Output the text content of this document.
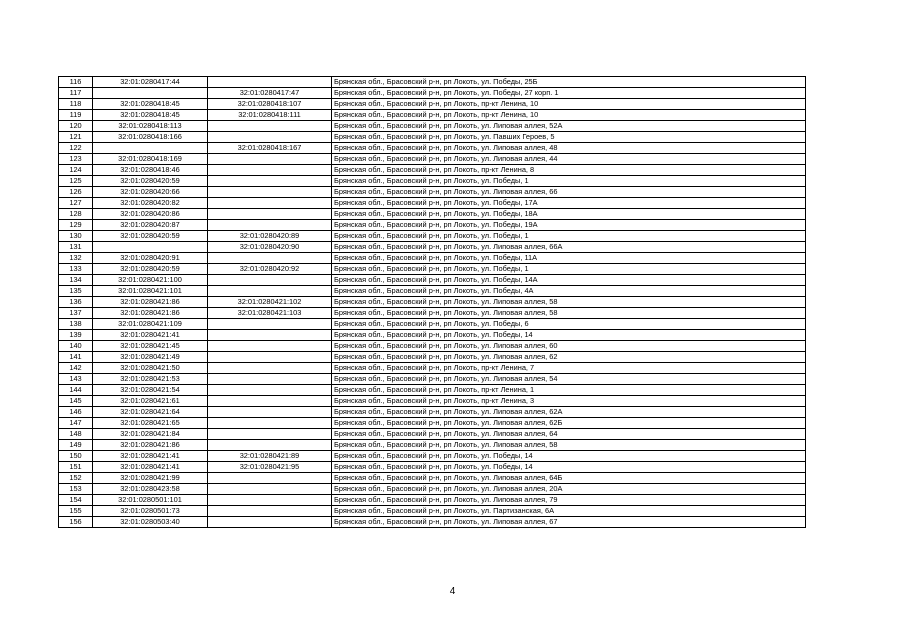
116	32:01:0280417:44		Брянская обл., Брасовский р-н, рп Локоть, ул. Победы, 25Б
117		32:01:0280417:47	Брянская обл., Брасовский р-н, рп Локоть, ул. Победы, 27 корп. 1
118	32:01:0280418:45	32:01:0280418:107	Брянская обл., Брасовский р-н, рп Локоть, пр-кт Ленина, 10
119	32:01:0280418:45	32:01:0280418:111	Брянская обл., Брасовский р-н, рп Локоть, пр-кт Ленина, 10
120	32:01:0280418:113		Брянская обл., Брасовский р-н, рп Локоть, ул. Липовая аллея, 52А
121	32:01:0280418:166		Брянская обл., Брасовский р-н, рп Локоть, ул. Павших Героев, 5
122		32:01:0280418:167	Брянская обл., Брасовский р-н, рп Локоть, ул. Липовая аллея, 48
123	32:01:0280418:169		Брянская обл., Брасовский р-н, рп Локоть, ул. Липовая аллея, 44
124	32:01:0280418:46		Брянская обл., Брасовский р-н, рп Локоть, пр-кт Ленина, 8
125	32:01:0280420:59		Брянская обл., Брасовский р-н, рп Локоть, ул. Победы, 1
126	32:01:0280420:66		Брянская обл., Брасовский р-н, рп Локоть, ул. Липовая аллея, 66
127	32:01:0280420:82		Брянская обл., Брасовский р-н, рп Локоть, ул. Победы, 17А
128	32:01:0280420:86		Брянская обл., Брасовский р-н, рп Локоть, ул. Победы, 18А
129	32:01:0280420:87		Брянская обл., Брасовский р-н, рп Локоть, ул. Победы, 19А
130	32:01:0280420:59	32:01:0280420:89	Брянская обл., Брасовский р-н, рп Локоть, ул. Победы, 1
131		32:01:0280420:90	Брянская обл., Брасовский р-н, рп Локоть, ул. Липовая аллея, 66А
132	32:01:0280420:91		Брянская обл., Брасовский р-н, рп Локоть, ул. Победы, 11А
133	32:01:0280420:59	32:01:0280420:92	Брянская обл., Брасовский р-н, рп Локоть, ул. Победы, 1
134	32:01:0280421:100		Брянская обл., Брасовский р-н, рп Локоть, ул. Победы, 14А
135	32:01:0280421:101		Брянская обл., Брасовский р-н, рп Локоть, ул. Победы, 4А
136	32:01:0280421:86	32:01:0280421:102	Брянская обл., Брасовский р-н, рп Локоть, ул. Липовая аллея, 58
137	32:01:0280421:86	32:01:0280421:103	Брянская обл., Брасовский р-н, рп Локоть, ул. Липовая аллея, 58
138	32:01:0280421:109		Брянская обл., Брасовский р-н, рп Локоть, ул. Победы, 6
139	32:01:0280421:41		Брянская обл., Брасовский р-н, рп Локоть, ул. Победы, 14
140	32:01:0280421:45		Брянская обл., Брасовский р-н, рп Локоть, ул. Липовая аллея, 60
141	32:01:0280421:49		Брянская обл., Брасовский р-н, рп Локоть, ул. Липовая аллея, 62
142	32:01:0280421:50		Брянская обл., Брасовский р-н, рп Локоть, пр-кт Ленина, 7
143	32:01:0280421:53		Брянская обл., Брасовский р-н, рп Локоть, ул. Липовая аллея, 54
144	32:01:0280421:54		Брянская обл., Брасовский р-н, рп Локоть, пр-кт Ленина, 1
145	32:01:0280421:61		Брянская обл., Брасовский р-н, рп Локоть, пр-кт Ленина, 3
146	32:01:0280421:64		Брянская обл., Брасовский р-н, рп Локоть, ул. Липовая аллея, 62А
147	32:01:0280421:65		Брянская обл., Брасовский р-н, рп Локоть, ул. Липовая аллея, 62Б
148	32:01:0280421:84		Брянская обл., Брасовский р-н, рп Локоть, ул. Липовая аллея, 64
149	32:01:0280421:86		Брянская обл., Брасовский р-н, рп Локоть, ул. Липовая аллея, 58
150	32:01:0280421:41	32:01:0280421:89	Брянская обл., Брасовский р-н, рп Локоть, ул. Победы, 14
151	32:01:0280421:41	32:01:0280421:95	Брянская обл., Брасовский р-н, рп Локоть, ул. Победы, 14
152	32:01:0280421:99		Брянская обл., Брасовский р-н, рп Локоть, ул. Липовая аллея, 64Б
153	32:01:0280423:58		Брянская обл., Брасовский р-н, рп Локоть, ул. Липовая аллея, 20А
154	32:01:0280501:101		Брянская обл., Брасовский р-н, рп Локоть, ул. Липовая аллея, 79
155	32:01:0280501:73		Брянская обл., Брасовский р-н, рп Локоть, ул. Партизанская, 6А
156	32:01:0280503:40		Брянская обл., Брасовский р-н, рп Локоть, ул. Липовая аллея, 67
4
